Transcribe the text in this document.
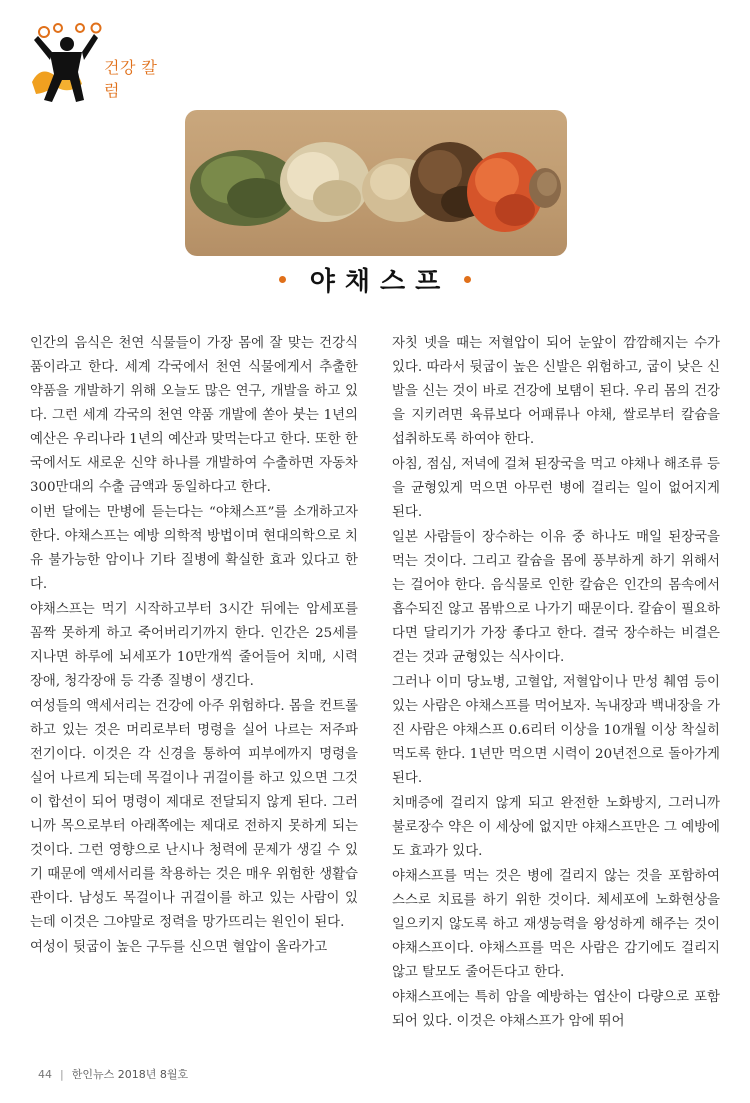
건강 칼럼
야채스프

인간의 음식은 천연 식물들이 가장 몸에 잘 맞는 건강식품이라고 한다. 세계 각국에서 천연 식물에게서 추출한 약품을 개발하기 위해 오늘도 많은 연구, 개발을 하고 있다. 그런 세계 각국의 천연 약품 개발에 쏟아 붓는 1년의 예산은 우리나라 1년의 예산과 맞먹는다고 한다. 또한 한국에서도 새로운 신약 하나를 개발하여 수출하면 자동차 300만대의 수출 금액과 동일하다고 한다.

이번 달에는 만병에 듣는다는 “야채스프”를 소개하고자 한다. 야채스프는 예방 의학적 방법이며 현대의학으로 치유 불가능한 암이나 기타 질병에 확실한 효과 있다고 한다.

야채스프는 먹기 시작하고부터 3시간 뒤에는 암세포를 꼼짝 못하게 하고 죽어버리기까지 한다. 인간은 25세를 지나면 하루에 뇌세포가 10만개씩 줄어들어 치매, 시력장애, 청각장애 등 각종 질병이 생긴다.

여성들의 액세서리는 건강에 아주 위험하다. 몸을 컨트롤하고 있는 것은 머리로부터 명령을 실어 나르는 저주파 전기이다. 이것은 각 신경을 통하여 피부에까지 명령을 실어 나르게 되는데 목걸이나 귀걸이를 하고 있으면 그것이 합선이 되어 명령이 제대로 전달되지 않게 된다. 그러니까 목으로부터 아래쪽에는 제대로 전하지 못하게 되는 것이다. 그런 영향으로 난시나 청력에 문제가 생길 수 있기 때문에 액세서리를 착용하는 것은 매우 위험한 생활습관이다. 남성도 목걸이나 귀걸이를 하고 있는 사람이 있는데 이것은 그야말로 정력을 망가뜨리는 원인이 된다.

여성이 뒷굽이 높은 구두를 신으면 혈압이 올라가고

자칫 넷을 때는 저혈압이 되어 눈앞이 깜깜해지는 수가 있다. 따라서 뒷굽이 높은 신발은 위험하고, 굽이 낮은 신발을 신는 것이 바로 건강에 보탬이 된다. 우리 몸의 건강을 지키려면 육류보다 어패류나 야채, 쌀로부터 칼슘을 섭취하도록 하여야 한다.

아침, 점심, 저녁에 걸쳐 된장국을 먹고 야채나 해조류 등을 균형있게 먹으면 아무런 병에 걸리는 일이 없어지게 된다.

일본 사람들이 장수하는 이유 중 하나도 매일 된장국을 먹는 것이다. 그리고 칼슘을 몸에 풍부하게 하기 위해서는 걸어야 한다. 음식물로 인한 칼슘은 인간의 몸속에서 흡수되진 않고 몸밖으로 나가기 때문이다. 칼슘이 필요하다면 달리기가 가장 좋다고 한다. 결국 장수하는 비결은 걷는 것과 균형있는 식사이다.

그러나 이미 당뇨병, 고혈압, 저혈압이나 만성 췌염 등이 있는 사람은 야채스프를 먹어보자. 녹내장과 백내장을 가진 사람은 야채스프 0.6리터 이상을 10개월 이상 착실히 먹도록 한다. 1년만 먹으면 시력이 20년전으로 돌아가게 된다.

치매증에 걸리지 않게 되고 완전한 노화방지, 그러니까 불로장수 약은 이 세상에 없지만 야채스프만은 그 예방에도 효과가 있다.

야채스프를 먹는 것은 병에 걸리지 않는 것을 포함하여 스스로 치료를 하기 위한 것이다. 체세포에 노화현상을 일으키지 않도록 하고 재생능력을 왕성하게 해주는 것이 야채스프이다. 야채스프를 먹은 사람은 감기에도 걸리지 않고 탈모도 줄어든다고 한다.

야채스프에는 특히 암을 예방하는 엽산이 다량으로 포함되어 있다. 이것은 야채스프가 암에 뛰어

44 | 한인뉴스 2018년 8월호
